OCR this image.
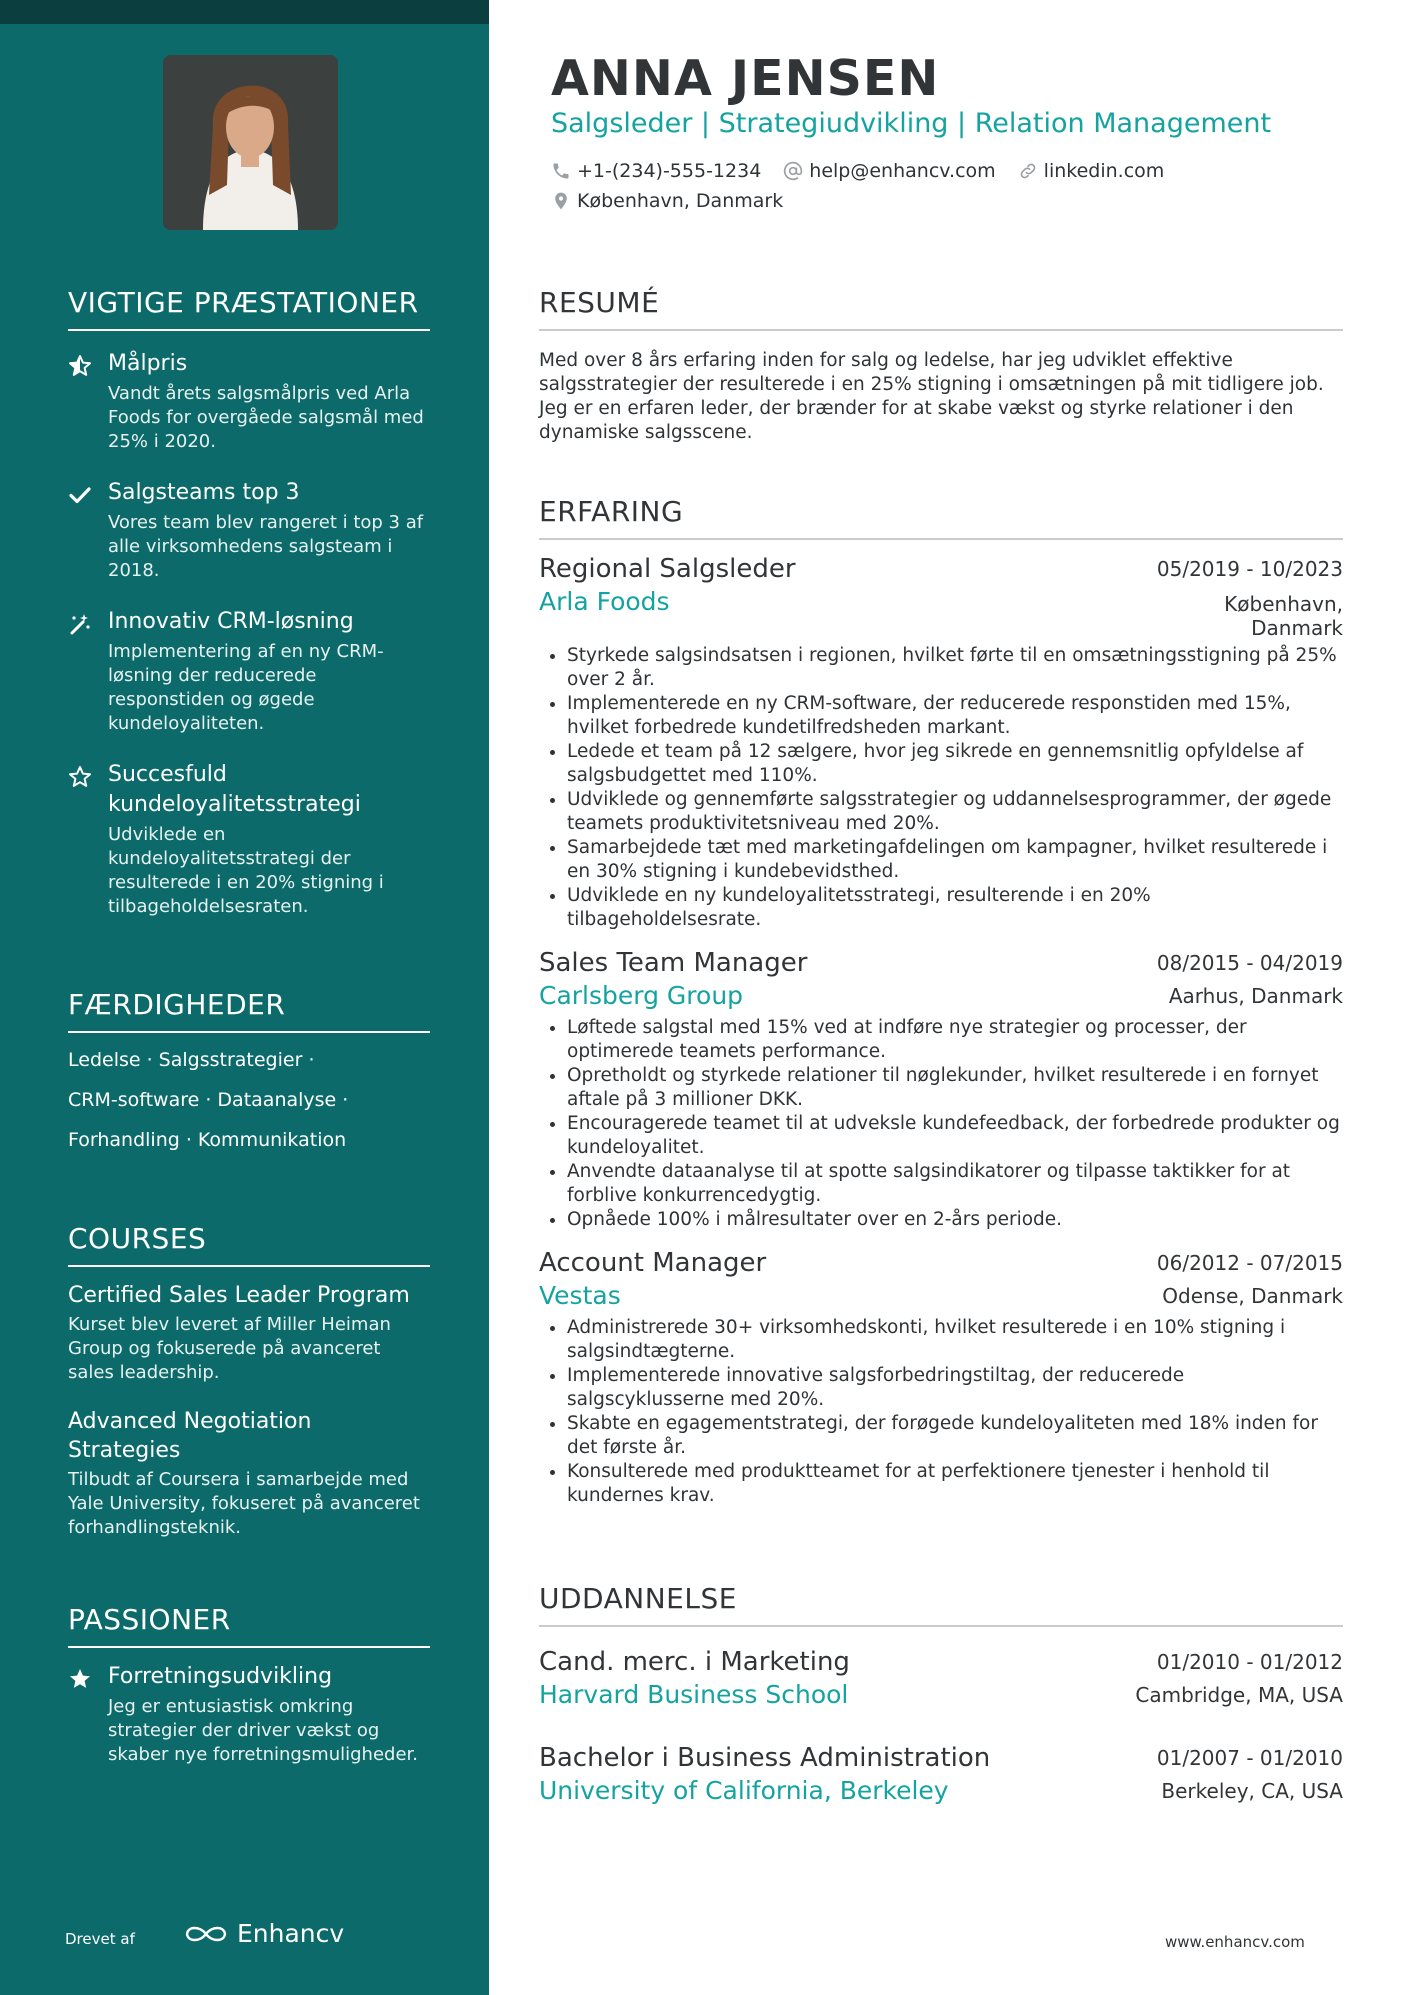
VIGTIGE PRÆSTATIONER
Målpris
Vandt årets salgsmålpris ved Arla Foods for overgåede salgsmål med 25% i 2020.
Salgsteams top 3
Vores team blev rangeret i top 3 af alle virksomhedens salgsteam i 2018.
Innovativ CRM-løsning
Implementering af en ny CRM-løsning der reducerede responstiden og øgede kundeloyaliteten.
Succesfuld kundeloyalitetsstrategi
Udviklede en kundeloyalitetsstrategi der resulterede i en 20% stigning i tilbageholdelsesraten.
FÆRDIGHEDER
Ledelse · Salgsstrategier ·
CRM-software · Dataanalyse ·
Forhandling · Kommunikation
COURSES
Certified Sales Leader Program
Kurset blev leveret af Miller Heiman Group og fokuserede på avanceret sales leadership.
Advanced Negotiation Strategies
Tilbudt af Coursera i samarbejde med Yale University, fokuseret på avanceret forhandlingsteknik.
PASSIONER
Forretningsudvikling
Jeg er entusiastisk omkring strategier der driver vækst og skaber nye forretningsmuligheder.
Drevet af	Enhancv
ANNA JENSEN
Salgsleder | Strategiudvikling | Relation Management
+1-(234)-555-1234	help@enhancv.com	linkedin.com
København, Danmark
RESUMÉ
Med over 8 års erfaring inden for salg og ledelse, har jeg udviklet effektive salgsstrategier der resulterede i en 25% stigning i omsætningen på mit tidligere job. Jeg er en erfaren leder, der brænder for at skabe vækst og styrke relationer i den dynamiske salgsscene.
ERFARING
Regional Salgsleder	05/2019 - 10/2023
Arla Foods	København,
Danmark
• Styrkede salgsindsatsen i regionen, hvilket førte til en omsætningsstigning på 25% over 2 år.
• Implementerede en ny CRM-software, der reducerede responstiden med 15%, hvilket forbedrede kundetilfredsheden markant.
• Ledede et team på 12 sælgere, hvor jeg sikrede en gennemsnitlig opfyldelse af salgsbudgettet med 110%.
• Udviklede og gennemførte salgsstrategier og uddannelsesprogrammer, der øgede teamets produktivitetsniveau med 20%.
• Samarbejdede tæt med marketingafdelingen om kampagner, hvilket resulterede i en 30% stigning i kundebevidsthed.
• Udviklede en ny kundeloyalitetsstrategi, resulterende i en 20% tilbageholdelsesrate.
Sales Team Manager	08/2015 - 04/2019
Carlsberg Group	Aarhus, Danmark
• Løftede salgstal med 15% ved at indføre nye strategier og processer, der optimerede teamets performance.
• Opretholdt og styrkede relationer til nøglekunder, hvilket resulterede i en fornyet aftale på 3 millioner DKK.
• Encouragerede teamet til at udveksle kundefeedback, der forbedrede produkter og kundeloyalitet.
• Anvendte dataanalyse til at spotte salgsindikatorer og tilpasse taktikker for at forblive konkurrencedygtig.
• Opnåede 100% i målresultater over en 2-års periode.
Account Manager	06/2012 - 07/2015
Vestas	Odense, Danmark
• Administrerede 30+ virksomhedskonti, hvilket resulterede i en 10% stigning i salgsindtægterne.
• Implementerede innovative salgsforbedringstiltag, der reducerede salgscyklusserne med 20%.
• Skabte en egagementstrategi, der forøgede kundeloyaliteten med 18% inden for det første år.
• Konsulterede med produktteamet for at perfektionere tjenester i henhold til kundernes krav.
UDDANNELSE
Cand. merc. i Marketing	01/2010 - 01/2012
Harvard Business School	Cambridge, MA, USA
Bachelor i Business Administration	01/2007 - 01/2010
University of California, Berkeley	Berkeley, CA, USA
www.enhancv.com
